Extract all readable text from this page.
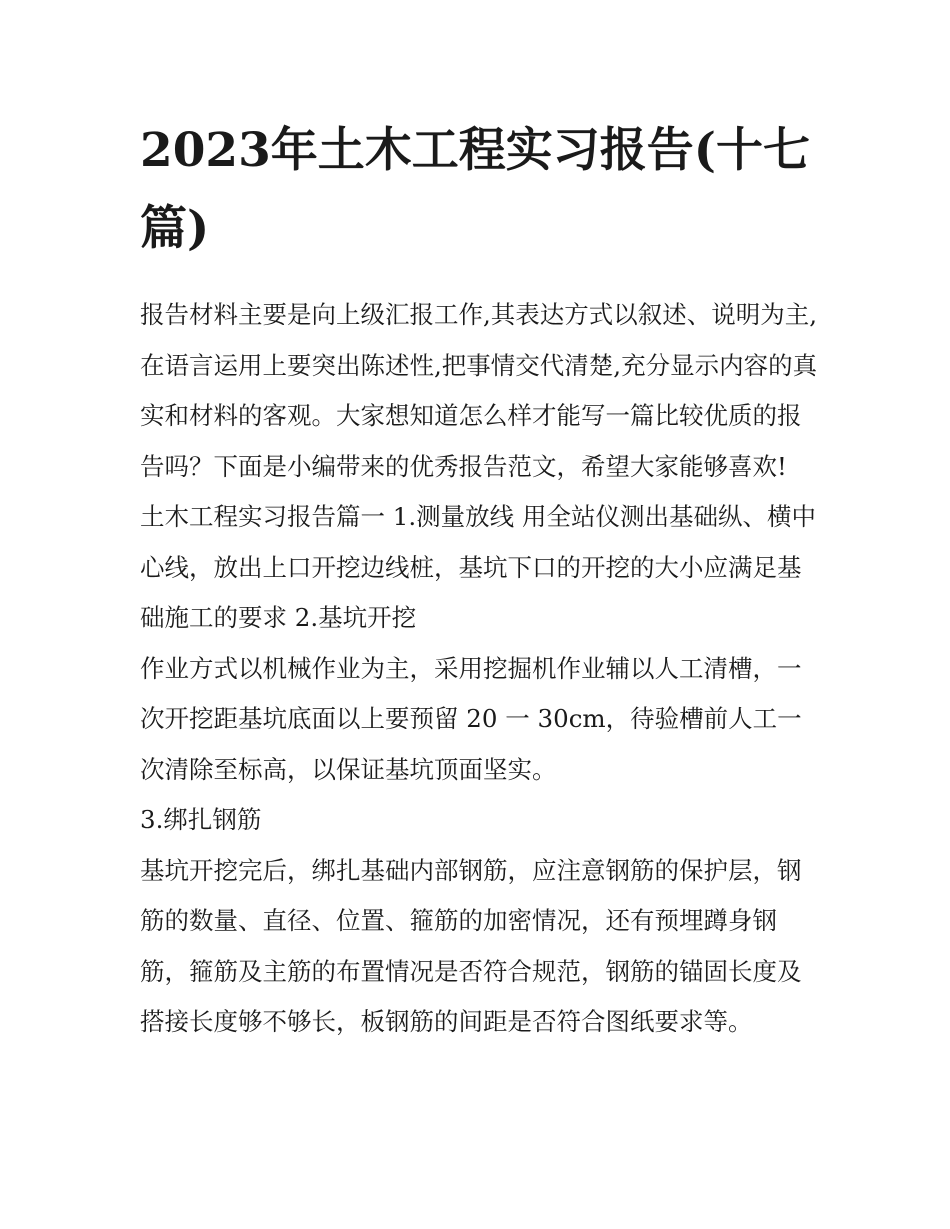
2023年土木工程实习报告(十七篇)

报告材料主要是向上级汇报工作,其表达方式以叙述、说明为主,在语言运用上要突出陈述性,把事情交代清楚,充分显示内容的真实和材料的客观。大家想知道怎么样才能写一篇比较优质的报告吗？下面是小编带来的优秀报告范文，希望大家能够喜欢!

土木工程实习报告篇一 1.测量放线 用全站仪测出基础纵、横中心线，放出上口开挖边线桩，基坑下口的开挖的大小应满足基础施工的要求 2.基坑开挖

作业方式以机械作业为主，采用挖掘机作业辅以人工清槽，一次开挖距基坑底面以上要预留 20 一 30cm，待验槽前人工一次清除至标高，以保证基坑顶面坚实。

3.绑扎钢筋

基坑开挖完后，绑扎基础内部钢筋，应注意钢筋的保护层，钢筋的数量、直径、位置、箍筋的加密情况，还有预埋蹲身钢筋，箍筋及主筋的布置情况是否符合规范，钢筋的锚固长度及搭接长度够不够长，板钢筋的间距是否符合图纸要求等。
